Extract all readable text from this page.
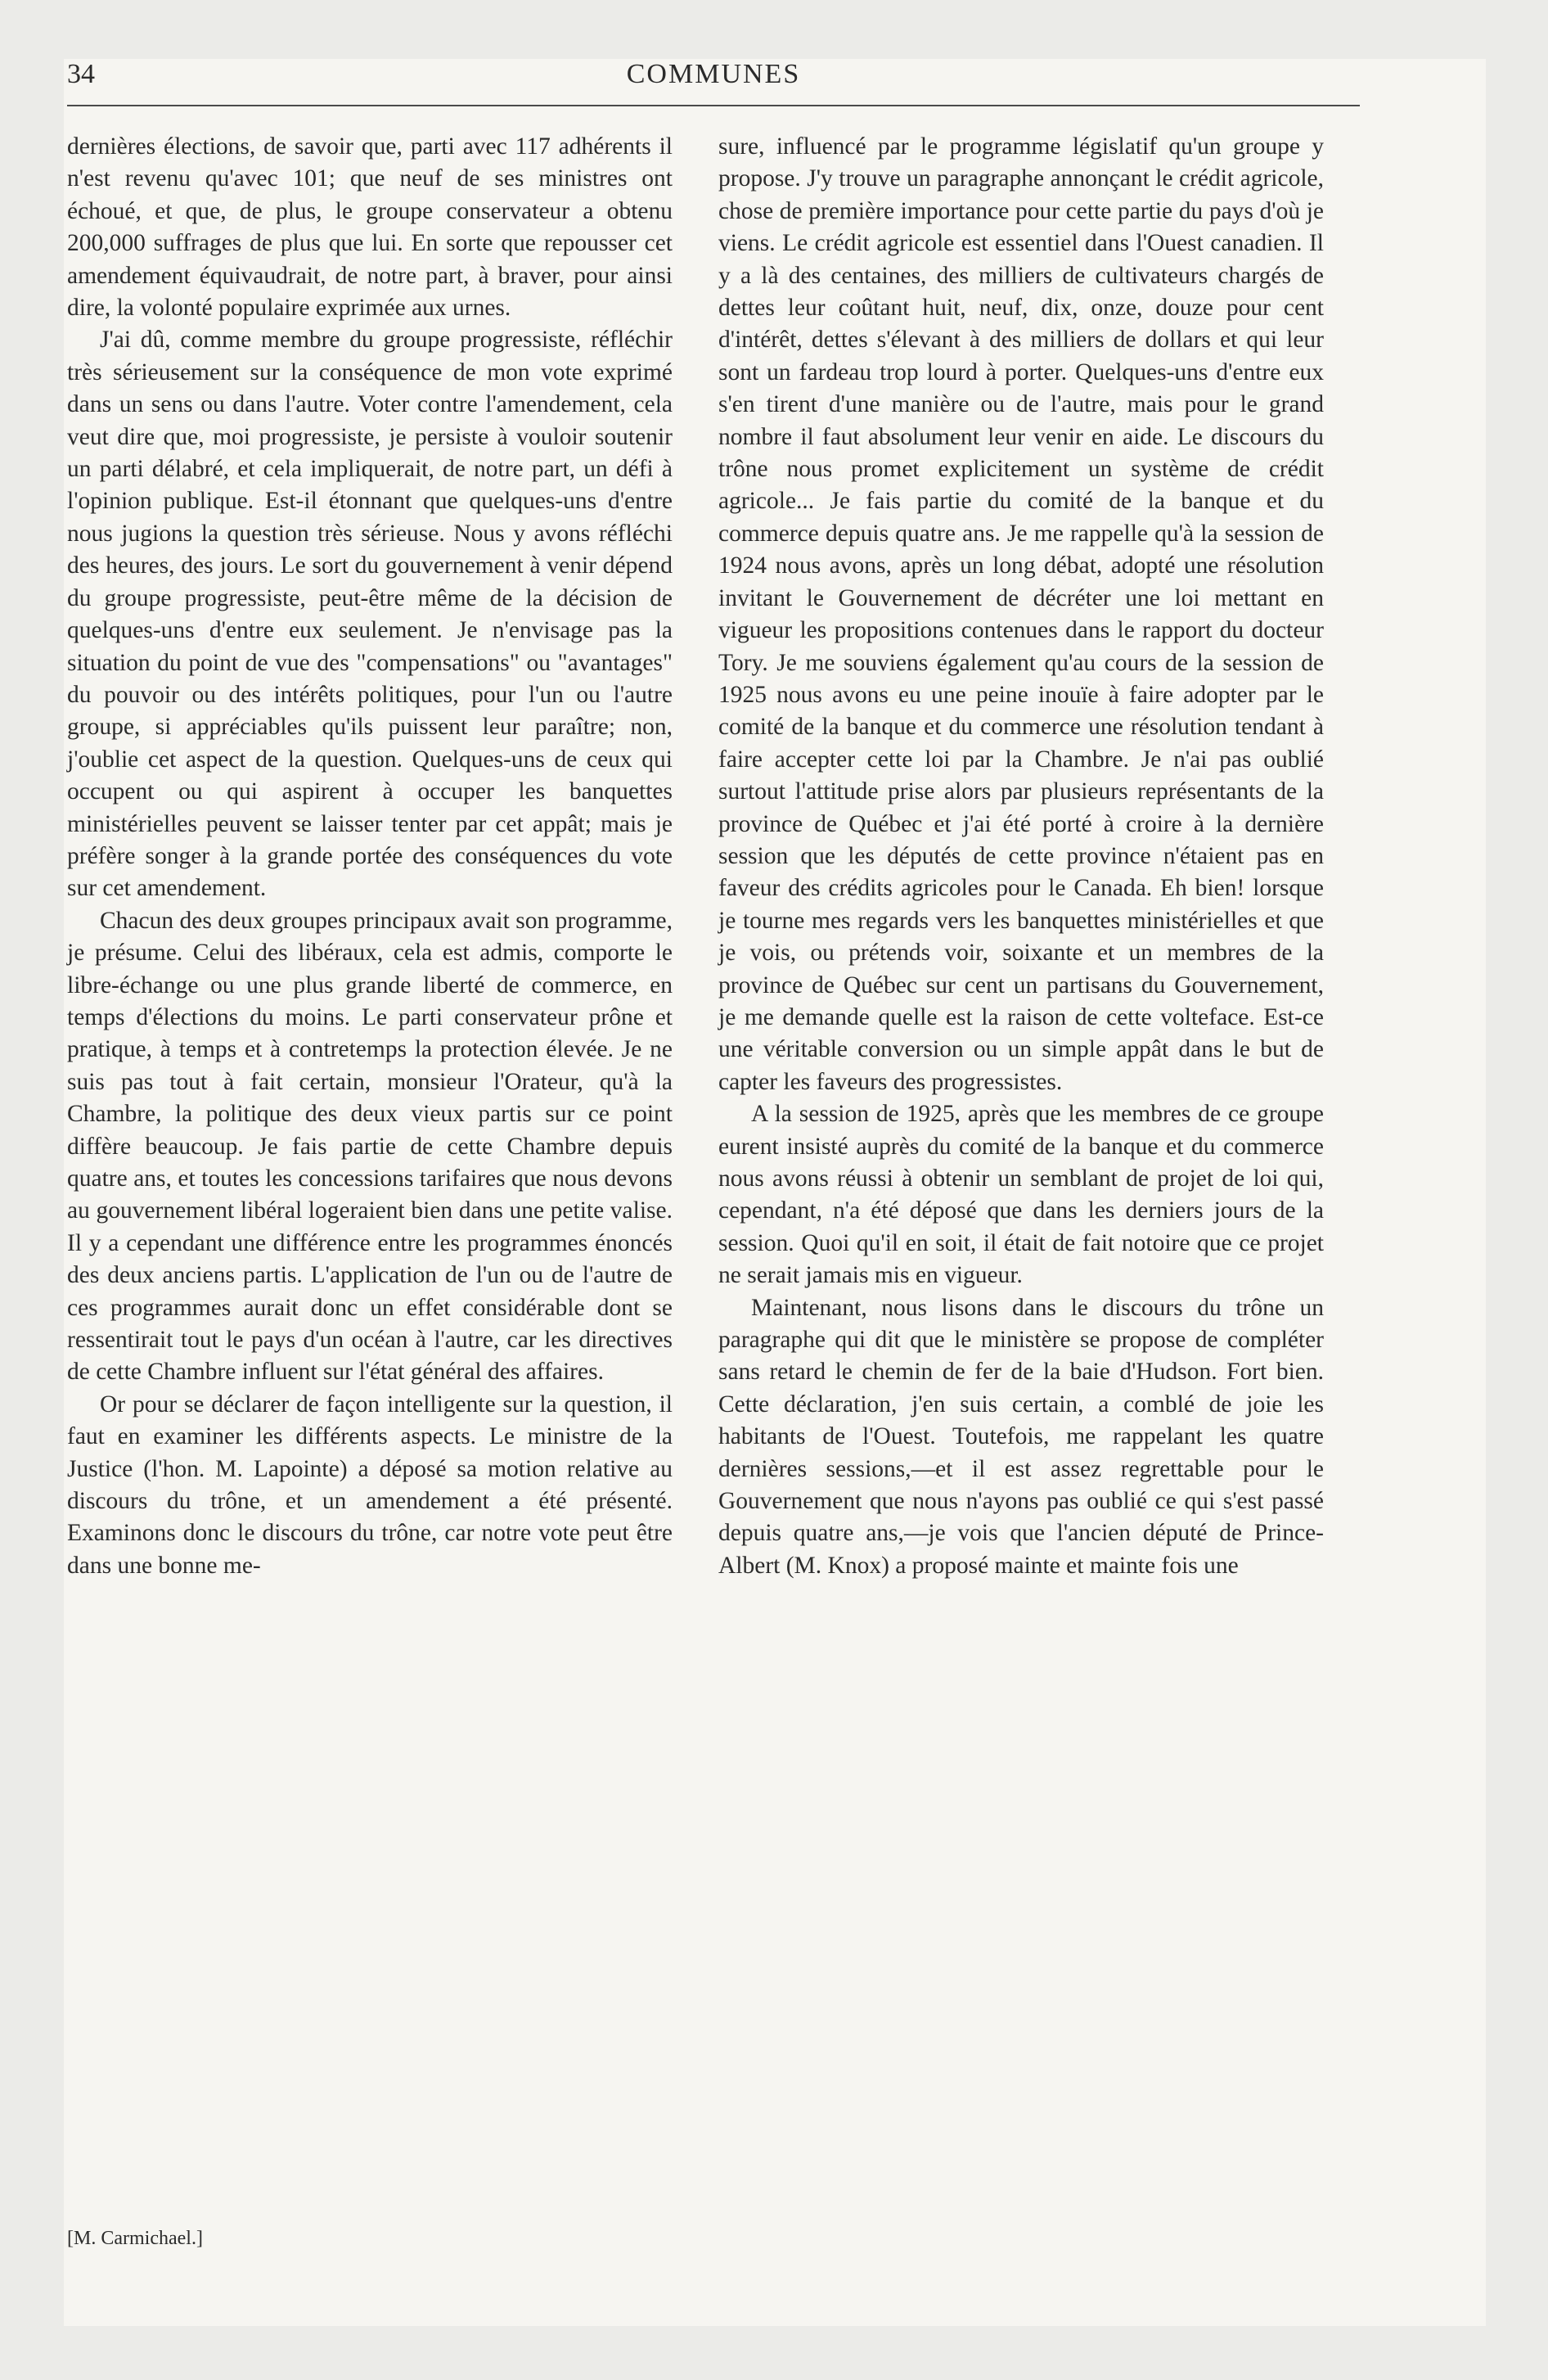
34	COMMUNES

dernières élections, de savoir que, parti avec 117 adhérents il n'est revenu qu'avec 101; que neuf de ses ministres ont échoué, et que, de plus, le groupe conservateur a obtenu 200,000 suffrages de plus que lui. En sorte que repousser cet amendement équivaudrait, de notre part, à braver, pour ainsi dire, la volonté populaire exprimée aux urnes.

J'ai dû, comme membre du groupe progressiste, réfléchir très sérieusement sur la conséquence de mon vote exprimé dans un sens ou dans l'autre. Voter contre l'amendement, cela veut dire que, moi progressiste, je persiste à vouloir soutenir un parti délabré, et cela impliquerait, de notre part, un défi à l'opinion publique. Est-il étonnant que quelques-uns d'entre nous jugions la question très sérieuse. Nous y avons réfléchi des heures, des jours. Le sort du gouvernement à venir dépend du groupe progressiste, peut-être même de la décision de quelques-uns d'entre eux seulement. Je n'envisage pas la situation du point de vue des "compensations" ou "avantages" du pouvoir ou des intérêts politiques, pour l'un ou l'autre groupe, si appréciables qu'ils puissent leur paraître; non, j'oublie cet aspect de la question. Quelques-uns de ceux qui occupent ou qui aspirent à occuper les banquettes ministérielles peuvent se laisser tenter par cet appât; mais je préfère songer à la grande portée des conséquences du vote sur cet amendement.

Chacun des deux groupes principaux avait son programme, je présume. Celui des libéraux, cela est admis, comporte le libre-échange ou une plus grande liberté de commerce, en temps d'élections du moins. Le parti conservateur prône et pratique, à temps et à contretemps la protection élevée. Je ne suis pas tout à fait certain, monsieur l'Orateur, qu'à la Chambre, la politique des deux vieux partis sur ce point diffère beaucoup. Je fais partie de cette Chambre depuis quatre ans, et toutes les concessions tarifaires que nous devons au gouvernement libéral logeraient bien dans une petite valise. Il y a cependant une différence entre les programmes énoncés des deux anciens partis. L'application de l'un ou de l'autre de ces programmes aurait donc un effet considérable dont se ressentirait tout le pays d'un océan à l'autre, car les directives de cette Chambre influent sur l'état général des affaires.

Or pour se déclarer de façon intelligente sur la question, il faut en examiner les différents aspects. Le ministre de la Justice (l'hon. M. Lapointe) a déposé sa motion relative au discours du trône, et un amendement a été présenté. Examinons donc le discours du trône, car notre vote peut être dans une bonne me-

sure, influencé par le programme législatif qu'un groupe y propose. J'y trouve un paragraphe annonçant le crédit agricole, chose de première importance pour cette partie du pays d'où je viens. Le crédit agricole est essentiel dans l'Ouest canadien. Il y a là des centaines, des milliers de cultivateurs chargés de dettes leur coûtant huit, neuf, dix, onze, douze pour cent d'intérêt, dettes s'élevant à des milliers de dollars et qui leur sont un fardeau trop lourd à porter. Quelques-uns d'entre eux s'en tirent d'une manière ou de l'autre, mais pour le grand nombre il faut absolument leur venir en aide. Le discours du trône nous promet explicitement un système de crédit agricole... Je fais partie du comité de la banque et du commerce depuis quatre ans. Je me rappelle qu'à la session de 1924 nous avons, après un long débat, adopté une résolution invitant le Gouvernement de décréter une loi mettant en vigueur les propositions contenues dans le rapport du docteur Tory. Je me souviens également qu'au cours de la session de 1925 nous avons eu une peine inouïe à faire adopter par le comité de la banque et du commerce une résolution tendant à faire accepter cette loi par la Chambre. Je n'ai pas oublié surtout l'attitude prise alors par plusieurs représentants de la province de Québec et j'ai été porté à croire à la dernière session que les députés de cette province n'étaient pas en faveur des crédits agricoles pour le Canada. Eh bien! lorsque je tourne mes regards vers les banquettes ministérielles et que je vois, ou prétends voir, soixante et un membres de la province de Québec sur cent un partisans du Gouvernement, je me demande quelle est la raison de cette volteface. Est-ce une véritable conversion ou un simple appât dans le but de capter les faveurs des progressistes.

A la session de 1925, après que les membres de ce groupe eurent insisté auprès du comité de la banque et du commerce nous avons réussi à obtenir un semblant de projet de loi qui, cependant, n'a été déposé que dans les derniers jours de la session. Quoi qu'il en soit, il était de fait notoire que ce projet ne serait jamais mis en vigueur.

Maintenant, nous lisons dans le discours du trône un paragraphe qui dit que le ministère se propose de compléter sans retard le chemin de fer de la baie d'Hudson. Fort bien. Cette déclaration, j'en suis certain, a comblé de joie les habitants de l'Ouest. Toutefois, me rappelant les quatre dernières sessions,—et il est assez regrettable pour le Gouvernement que nous n'ayons pas oublié ce qui s'est passé depuis quatre ans,—je vois que l'ancien député de Prince-Albert (M. Knox) a proposé mainte et mainte fois une

[M. Carmichael.]
